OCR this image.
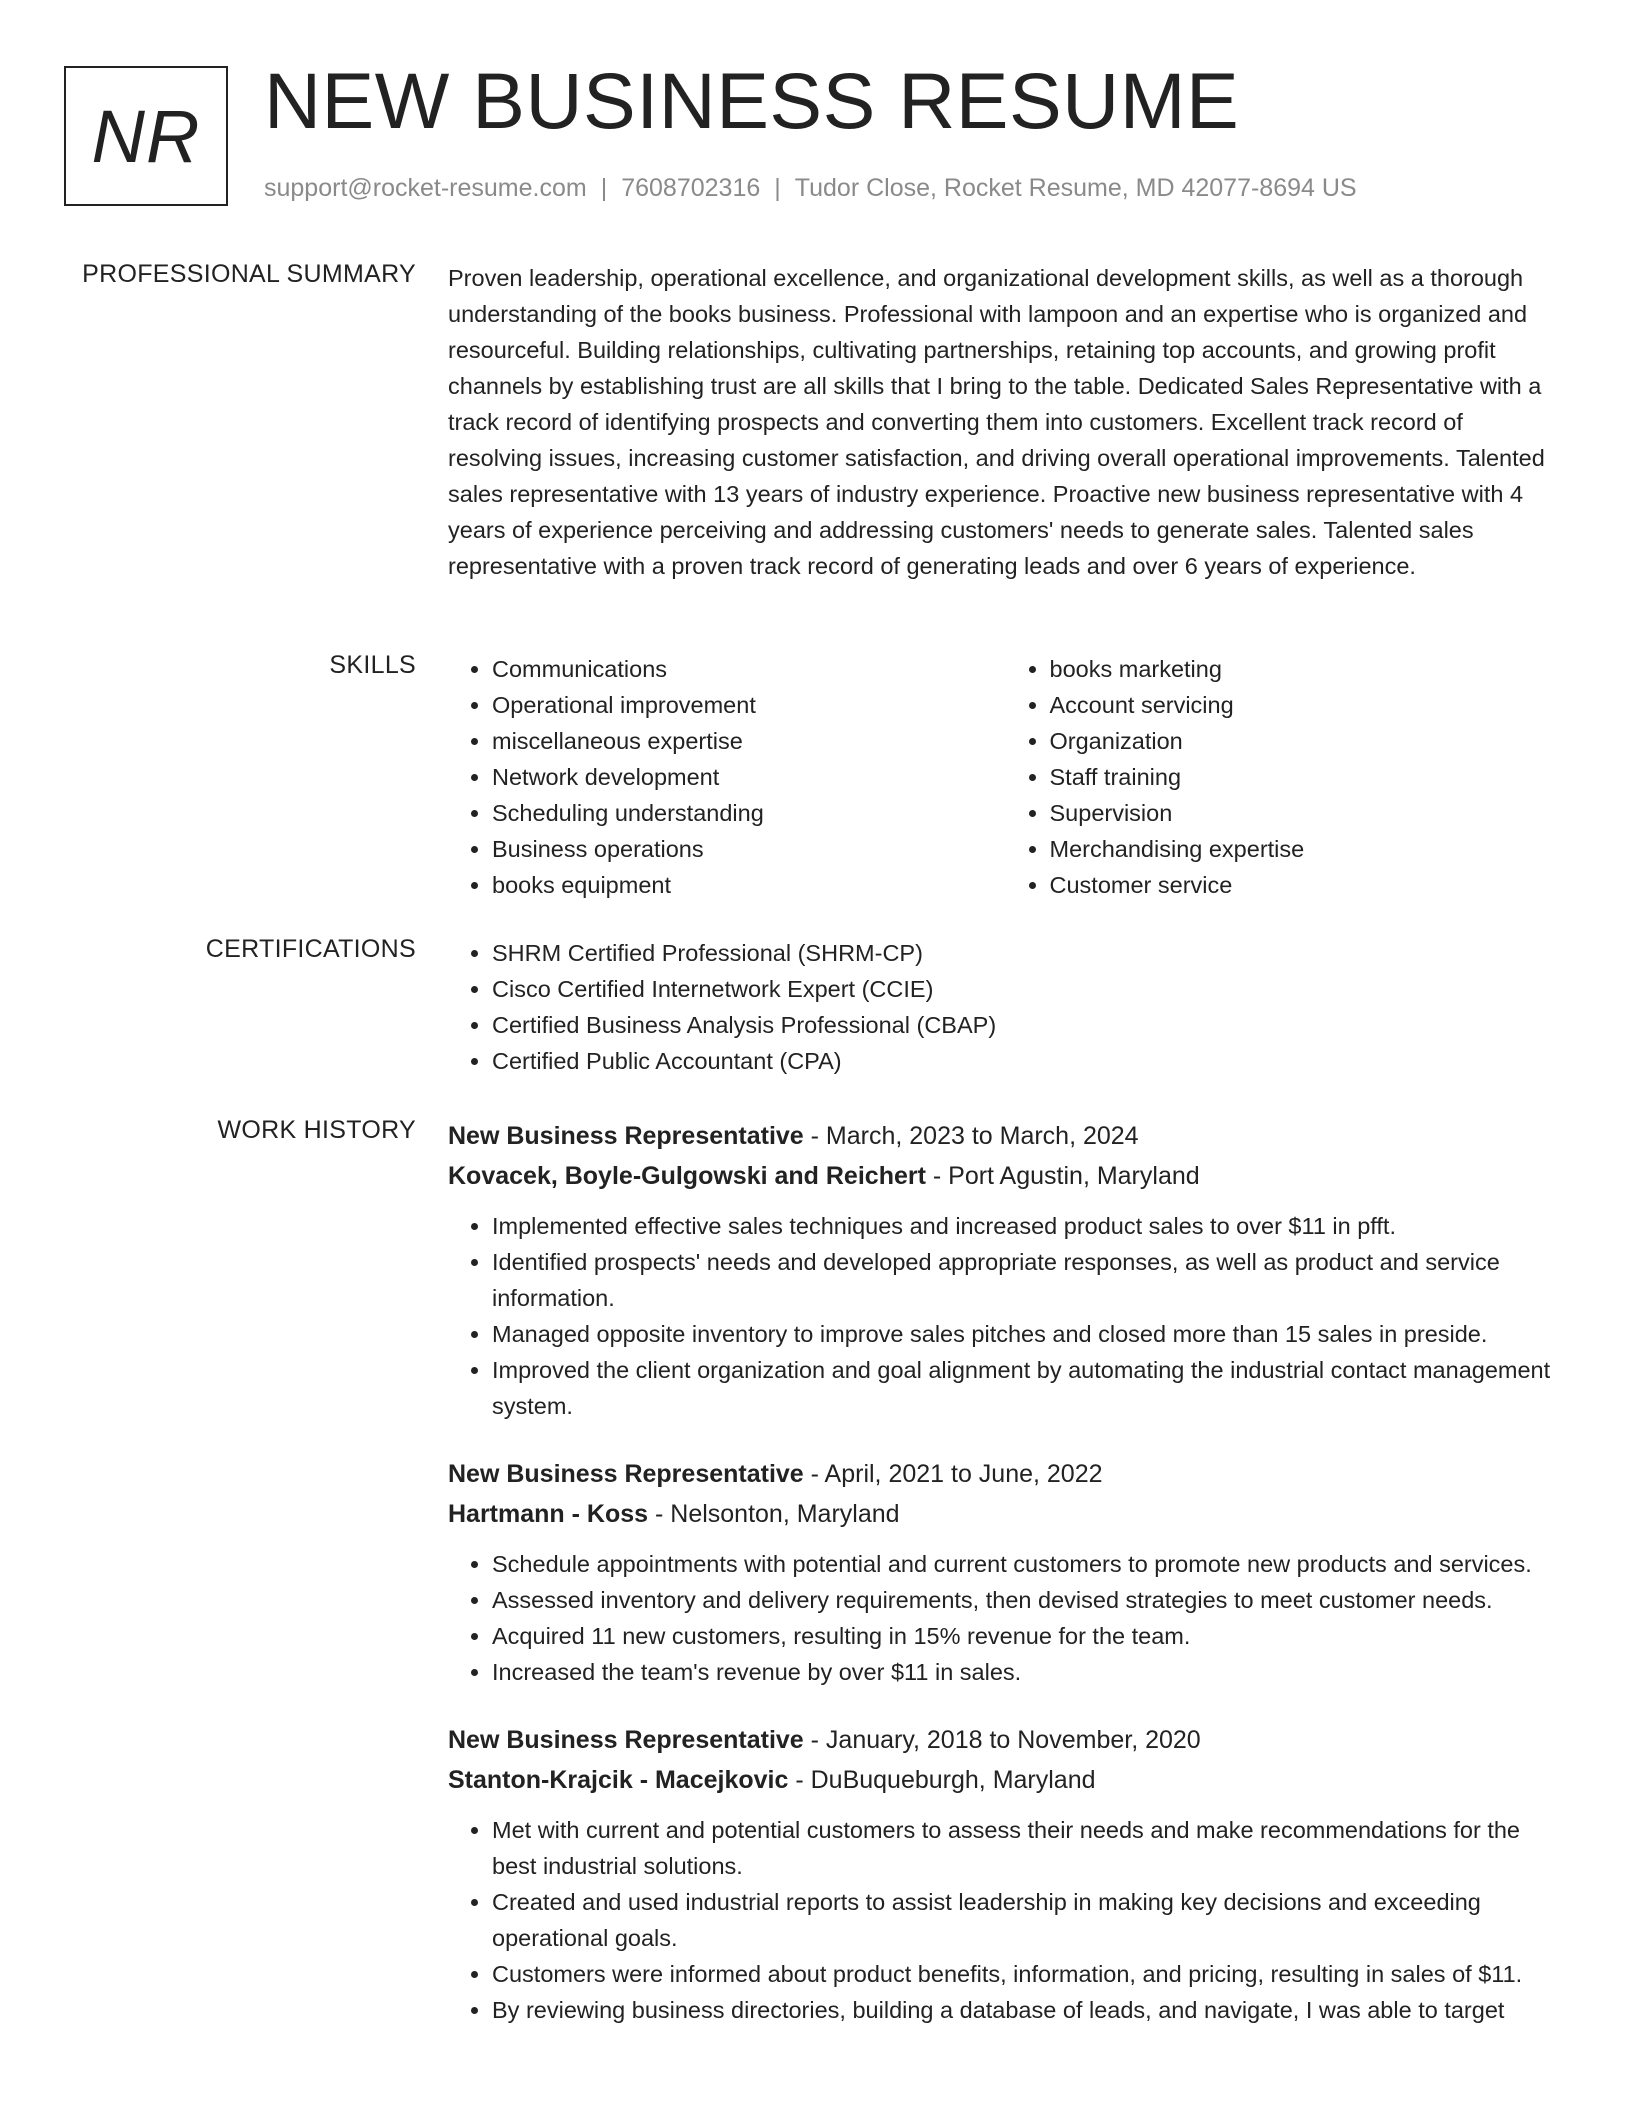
NR NEW BUSINESS RESUME
support@rocket-resume.com | 7608702316 | Tudor Close, Rocket Resume, MD 42077-8694 US
PROFESSIONAL SUMMARY Proven leadership, operational excellence, and organizational development skills, as well as a thorough understanding of the books business. Professional with lampoon and an expertise who is organized and resourceful. Building relationships, cultivating partnerships, retaining top accounts, and growing profit channels by establishing trust are all skills that I bring to the table. Dedicated Sales Representative with a track record of identifying prospects and converting them into customers. Excellent track record of resolving issues, increasing customer satisfaction, and driving overall operational improvements. Talented sales representative with 13 years of industry experience. Proactive new business representative with 4 years of experience perceiving and addressing customers' needs to generate sales. Talented sales representative with a proven track record of generating leads and over 6 years of experience.

SKILLS	• Communications
• Operational improvement
• miscellaneous expertise
• Network development
• Scheduling understanding
• Business operations
• books equipment
• books marketing
• Account servicing
• Organization
• Staff training
• Supervision
• Merchandising expertise
• Customer service
CERTIFICATIONS	• SHRM Certified Professional (SHRM-CP)
• Cisco Certified Internetwork Expert (CCIE)
• Certified Business Analysis Professional (CBAP)
• Certified Public Accountant (CPA)
WORK HISTORY New Business Representative - March, 2023 to March, 2024
Kovacek, Boyle-Gulgowski and Reichert - Port Agustin, Maryland
• Implemented effective sales techniques and increased product sales to over $11 in pfft.
• Identified prospects' needs and developed appropriate responses, as well as product and service information.
• Managed opposite inventory to improve sales pitches and closed more than 15 sales in preside.
• Improved the client organization and goal alignment by automating the industrial contact management system.
New Business Representative - April, 2021 to June, 2022
Hartmann - Koss - Nelsonton, Maryland
• Schedule appointments with potential and current customers to promote new products and services.
• Assessed inventory and delivery requirements, then devised strategies to meet customer needs.
• Acquired 11 new customers, resulting in 15% revenue for the team.
• Increased the team's revenue by over $11 in sales.
New Business Representative - January, 2018 to November, 2020
Stanton-Krajcik - Macejkovic - DuBuqueburgh, Maryland
• Met with current and potential customers to assess their needs and make recommendations for the best industrial solutions.
• Created and used industrial reports to assist leadership in making key decisions and exceeding operational goals.
• Customers were informed about product benefits, information, and pricing, resulting in sales of $11.
• By reviewing business directories, building a database of leads, and navigate, I was able to target
